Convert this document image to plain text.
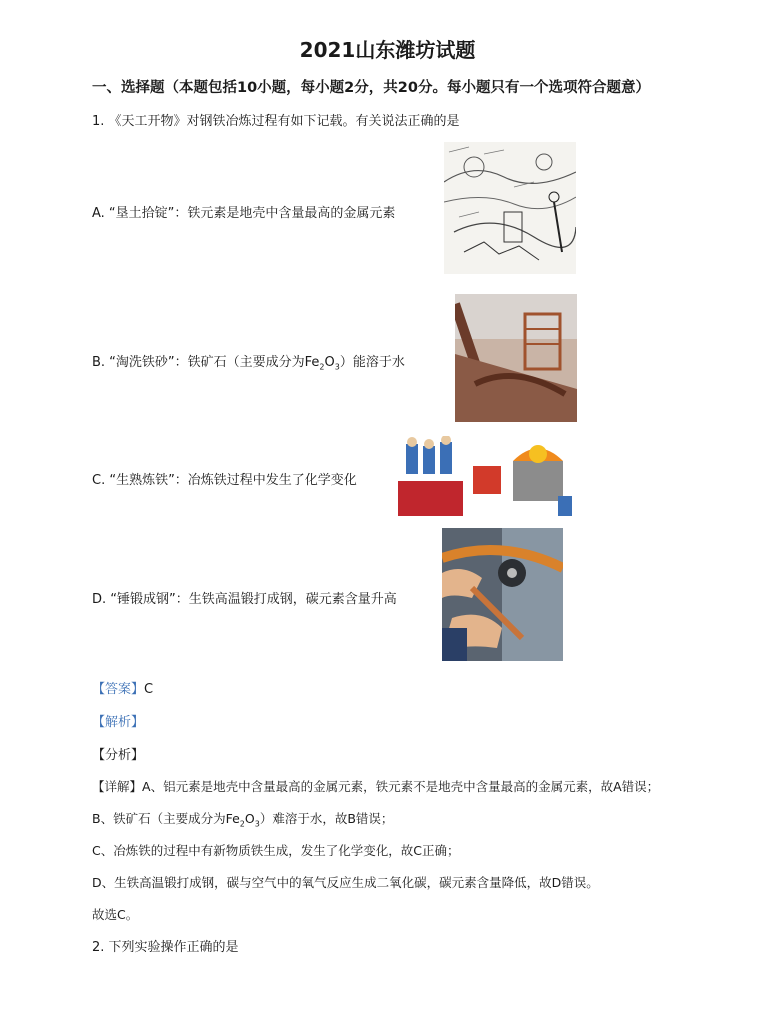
2021山东潍坊试题
一、选择题（本题包括10小题，每小题2分，共20分。每小题只有一个选项符合题意）
1. 《天工开物》对钢铁冶炼过程有如下记载。有关说法正确的是
A. “垦土拾锭”：铁元素是地壳中含量最高的金属元素
B. “淘洗铁砂”：铁矿石（主要成分为$Fe_2O_3$）能溶于水
C. “生熟炼铁”：冶炼铁过程中发生了化学变化
D. “锤锻成钢”：生铁高温锻打成钢，碳元素含量升高
【答案】C
【解析】
【分析】
【详解】A、铝元素是地壳中含量最高的金属元素，铁元素不是地壳中含量最高的金属元素，故A错误；
B、铁矿石（主要成分为$Fe_2O_3$）难溶于水，故B错误；
C、冶炼铁的过程中有新物质铁生成，发生了化学变化，故C正确；
D、生铁高温锻打成钢，碳与空气中的氧气反应生成二氧化碳，碳元素含量降低，故D错误。
故选C。
2. 下列实验操作正确的是
